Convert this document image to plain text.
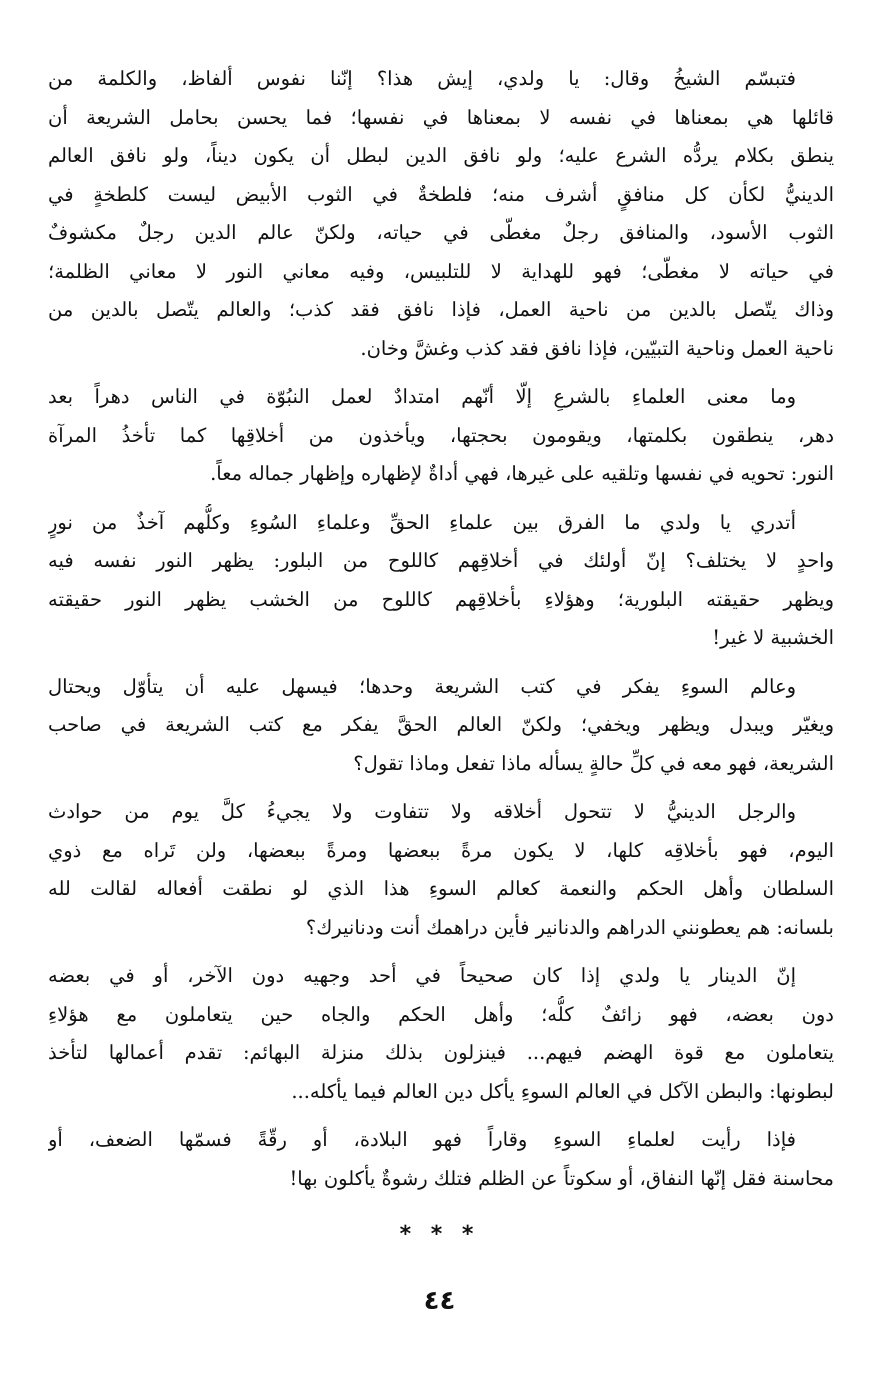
فتبسّم الشيخُ وقال: يا ولدي، إيش هذا؟ إنّنا نفوس ألفاظ، والكلمة من
قائلها هي بمعناها في نفسه لا بمعناها في نفسها؛ فما يحسن بحامل الشريعة أن
ينطق بكلام يردُّه الشرع عليه؛ ولو نافق الدين لبطل أن يكون ديناً، ولو نافق العالم
الدينيُّ لكأن كل منافقٍ أشرف منه؛ فلطخةٌ في الثوب الأبيض ليست كلطخةٍ في
الثوب الأسود، والمنافق رجلٌ مغطّى في حياته، ولكنّ عالم الدين رجلٌ مكشوفٌ
في حياته لا مغطّى؛ فهو للهداية لا للتلبيس، وفيه معاني النور لا معاني الظلمة؛
وذاك يتّصل بالدين من ناحية العمل، فإذا نافق فقد كذب؛ والعالم يتّصل بالدين من
ناحية العمل وناحية التبيّين، فإذا نافق فقد كذب وغشَّ وخان.
وما معنى العلماءِ بالشرعِ إلّا أنّهم امتدادٌ لعمل النبُوّة في الناس دهراً بعد
دهر، ينطقون بكلمتها، ويقومون بحجتها، ويأخذون من أخلاقِها كما تأخذُ المرآة
النور: تحويه في نفسها وتلقيه على غيرها، فهي أداةٌ لإظهاره وإظهار جماله معاً.
أتدري يا ولدي ما الفرق بين علماءِ الحقِّ وعلماءِ السُوءِ وكلُّهم آخذٌ من نورٍ
واحدٍ لا يختلف؟ إنّ أولئك في أخلاقِهم كاللوح من البلور: يظهر النور نفسه فيه
ويظهر حقيقته البلورية؛ وهؤلاءِ بأخلاقِهم كاللوح من الخشب يظهر النور حقيقته
الخشبية لا غير!
وعالم السوءِ يفكر في كتب الشريعة وحدها؛ فيسهل عليه أن يتأوّل ويحتال
ويغيّر ويبدل ويظهر ويخفي؛ ولكنّ العالم الحقَّ يفكر مع كتب الشريعة في صاحب
الشريعة، فهو معه في كلِّ حالةٍ يسأله ماذا تفعل وماذا تقول؟
والرجل الدينيُّ لا تتحول أخلاقه ولا تتفاوت ولا يجيءُ كلَّ يوم من حوادث
اليوم، فهو بأخلاقِه كلها، لا يكون مرةً ببعضها ومرةً ببعضها، ولن تَراه مع ذوي
السلطان وأهل الحكم والنعمة كعالم السوءِ هذا الذي لو نطقت أفعاله لقالت لله
بلسانه: هم يعطونني الدراهم والدنانير فأين دراهمك أنت ودنانيرك؟
إنّ الدينار يا ولدي إذا كان صحيحاً في أحد وجهيه دون الآخر، أو في بعضه
دون بعضه، فهو زائفٌ كلُّه؛ وأهل الحكم والجاه حين يتعاملون مع هؤلاءِ
يتعاملون مع قوة الهضم فيهم... فينزلون بذلك منزلة البهائم: تقدم أعمالها لتأخذ
لبطونها: والبطن الآكل في العالم السوءِ يأكل دين العالم فيما يأكله...
فإذا رأيت لعلماءِ السوءِ وقاراً فهو البلادة، أو رقّةً فسمّها الضعف، أو
محاسنة فقل إنّها النفاق، أو سكوتاً عن الظلم فتلك رشوةٌ يأكلون بها!
* * *
٤٤
